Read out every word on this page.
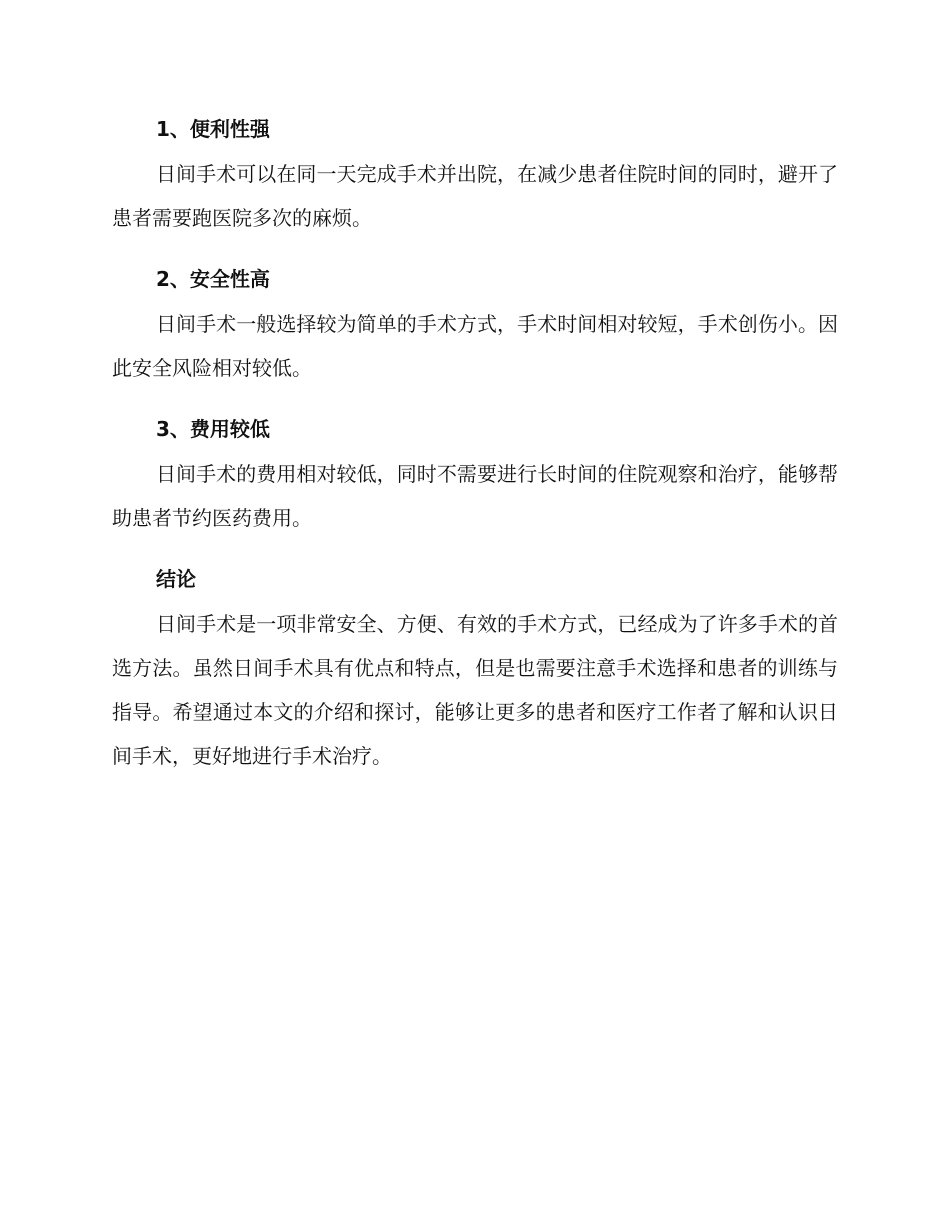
1、便利性强

日间手术可以在同一天完成手术并出院，在减少患者住院时间的同时，避开了患者需要跑医院多次的麻烦。

2、安全性高

日间手术一般选择较为简单的手术方式，手术时间相对较短，手术创伤小。因此安全风险相对较低。

3、费用较低

日间手术的费用相对较低，同时不需要进行长时间的住院观察和治疗，能够帮助患者节约医药费用。

结论

日间手术是一项非常安全、方便、有效的手术方式，已经成为了许多手术的首选方法。虽然日间手术具有优点和特点，但是也需要注意手术选择和患者的训练与指导。希望通过本文的介绍和探讨，能够让更多的患者和医疗工作者了解和认识日间手术，更好地进行手术治疗。
